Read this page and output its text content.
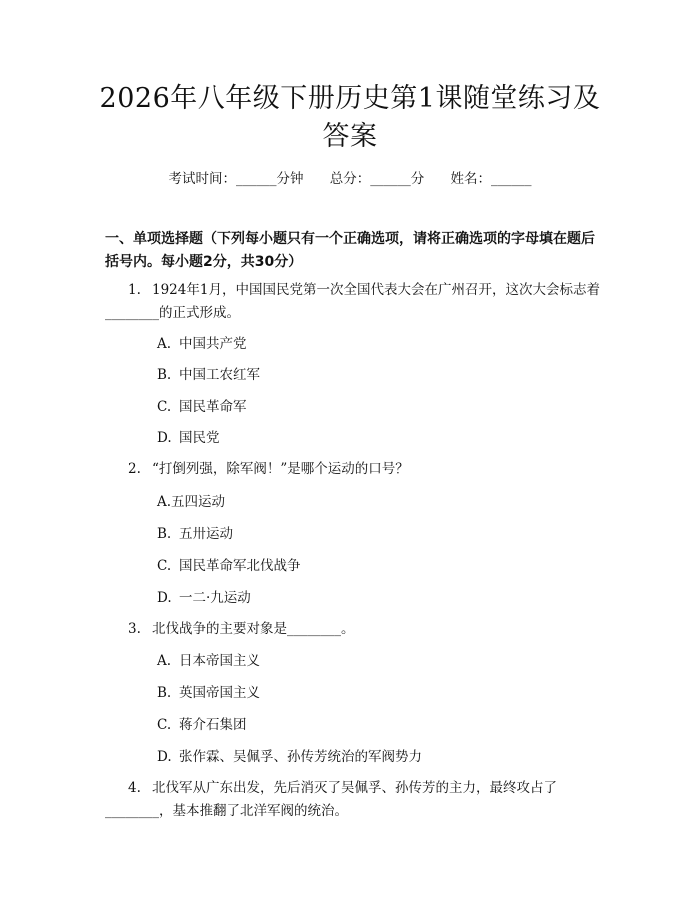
2026年八年级下册历史第1课随堂练习及答案
考试时间：______分钟 总分：______分 姓名：______
一、单项选择题（下列每小题只有一个正确选项，请将正确选项的字母填在题后括号内。每小题2分，共30分）
1. 1924年1月，中国国民党第一次全国代表大会在广州召开，这次大会标志着________的正式形成。
A. 中国共产党
B. 中国工农红军
C. 国民革命军
D. 国民党
2. “打倒列强，除军阀！”是哪个运动的口号？
A.五四运动
B. 五卅运动
C. 国民革命军北伐战争
D. 一二·九运动
3. 北伐战争的主要对象是________。
A. 日本帝国主义
B. 英国帝国主义
C. 蒋介石集团
D. 张作霖、吴佩孚、孙传芳统治的军阀势力
4. 北伐军从广东出发，先后消灭了吴佩孚、孙传芳的主力，最终攻占了________，基本推翻了北洋军阀的统治。
